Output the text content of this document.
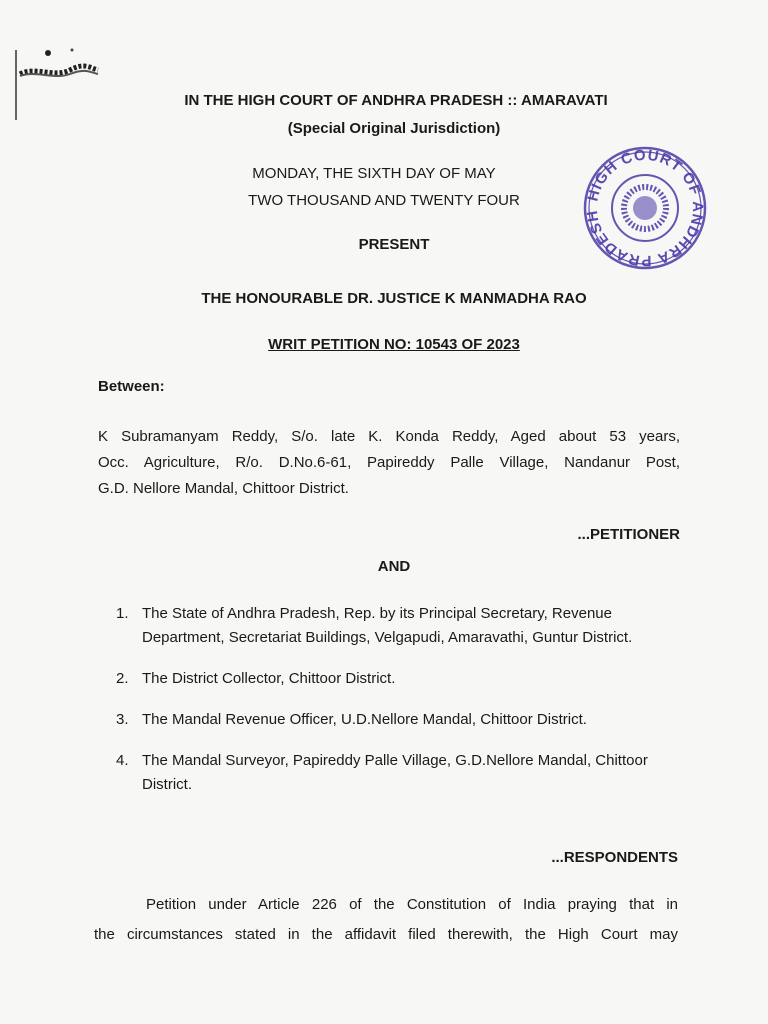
IN THE HIGH COURT OF ANDHRA PRADESH :: AMARAVATI
(Special Original Jurisdiction)
MONDAY, THE SIXTH DAY OF MAY
TWO THOUSAND AND TWENTY FOUR	HIGH COURT OF ANDHRA PRADESH
PRESENT
THE HONOURABLE DR. JUSTICE K MANMADHA RAO
WRIT PETITION NO: 10543 OF 2023
Between:
K Subramanyam Reddy, S/o. late K. Konda Reddy, Aged about 53 years,
Occ. Agriculture, R/o. D.No.6-61, Papireddy Palle Village, Nandanur Post,
G.D. Nellore Mandal, Chittoor District.
...PETITIONER
AND
1. The State of Andhra Pradesh, Rep. by its Principal Secretary, Revenue Department, Secretariat Buildings, Velgapudi, Amaravathi, Guntur District.
2. The District Collector, Chittoor District.
3. The Mandal Revenue Officer, U.D.Nellore Mandal, Chittoor District.
4. The Mandal Surveyor, Papireddy Palle Village, G.D.Nellore Mandal, Chittoor District.
...RESPONDENTS
Petition under Article 226 of the Constitution of India praying that in
the circumstances stated in the affidavit filed therewith, the High Court may
